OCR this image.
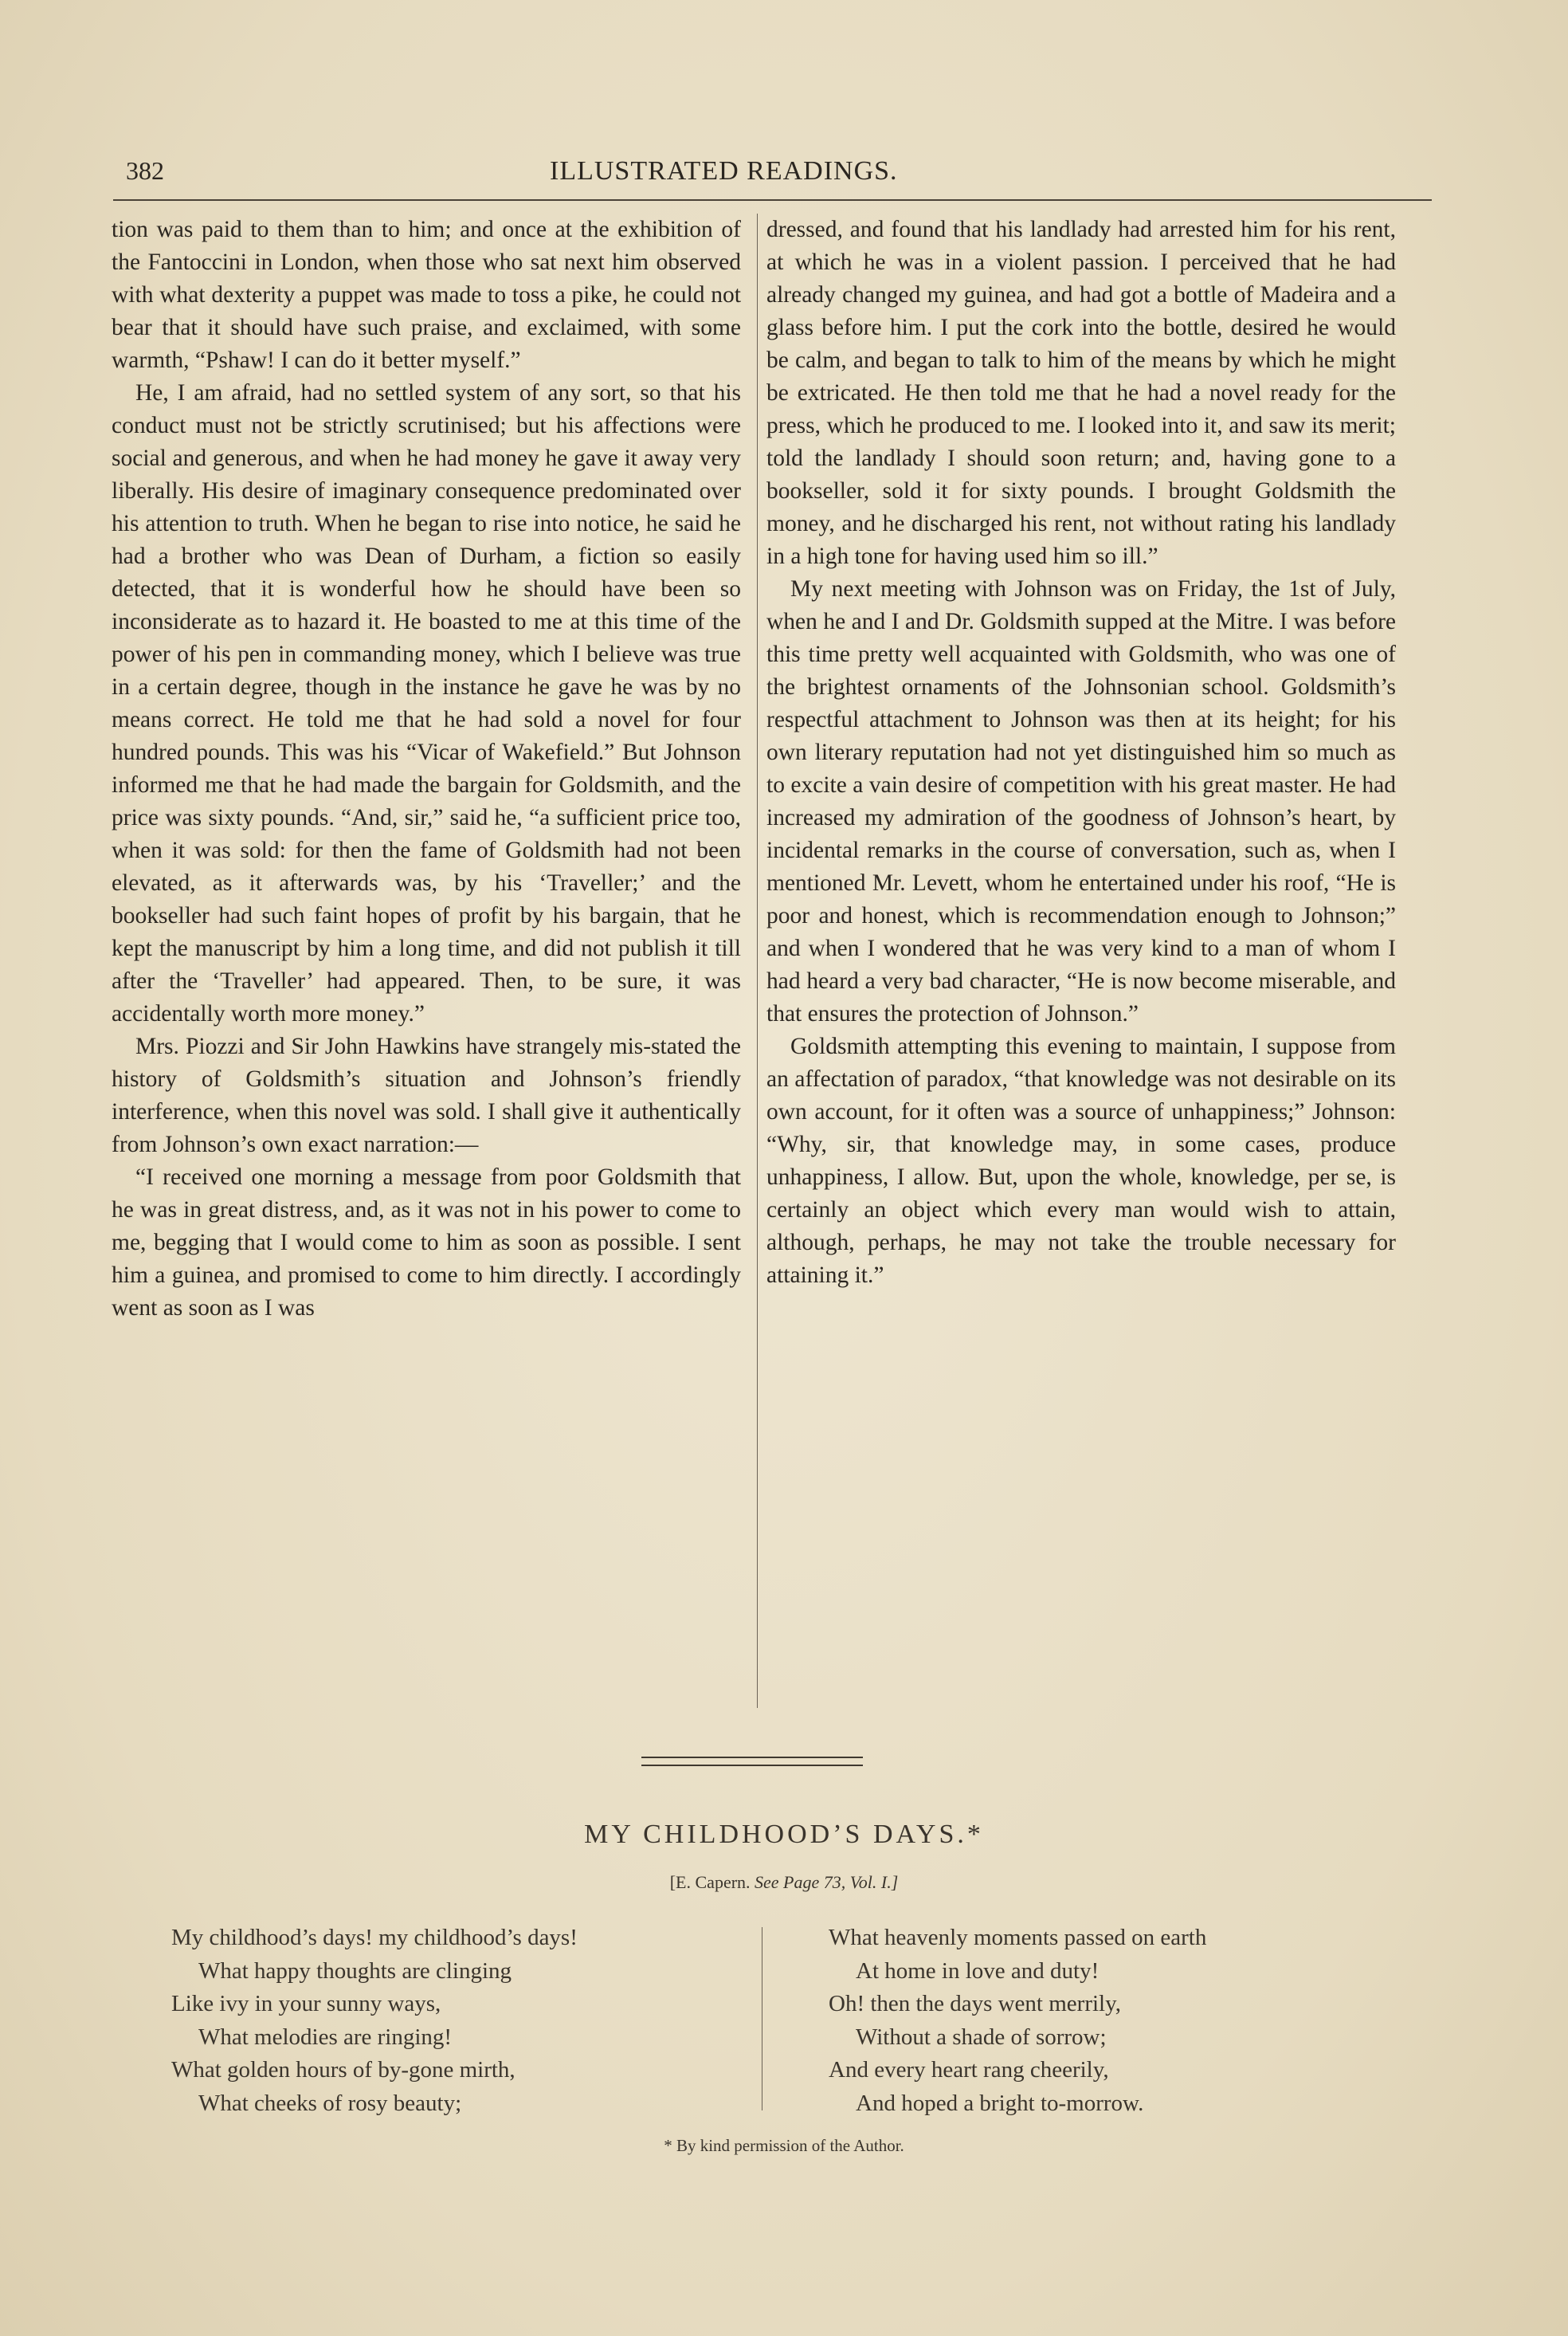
382	ILLUSTRATED READINGS.

tion was paid to them than to him; and once at the exhibition of the Fantoccini in London, when those who sat next him observed with what dexterity a puppet was made to toss a pike, he could not bear that it should have such praise, and exclaimed, with some warmth, “Pshaw! I can do it better myself.”

He, I am afraid, had no settled system of any sort, so that his conduct must not be strictly scrutinised; but his affections were social and generous, and when he had money he gave it away very liberally. His desire of imaginary consequence predominated over his attention to truth. When he began to rise into notice, he said he had a brother who was Dean of Durham, a fiction so easily detected, that it is wonderful how he should have been so inconsiderate as to hazard it. He boasted to me at this time of the power of his pen in commanding money, which I believe was true in a certain degree, though in the instance he gave he was by no means correct. He told me that he had sold a novel for four hundred pounds. This was his “Vicar of Wakefield.” But Johnson informed me that he had made the bargain for Goldsmith, and the price was sixty pounds. “And, sir,” said he, “a sufficient price too, when it was sold: for then the fame of Goldsmith had not been elevated, as it afterwards was, by his ‘Traveller;’ and the bookseller had such faint hopes of profit by his bargain, that he kept the manuscript by him a long time, and did not publish it till after the ‘Traveller’ had appeared. Then, to be sure, it was accidentally worth more money.”

Mrs. Piozzi and Sir John Hawkins have strangely mis-stated the history of Goldsmith’s situation and Johnson’s friendly interference, when this novel was sold. I shall give it authentically from Johnson’s own exact narration:—

“I received one morning a message from poor Goldsmith that he was in great distress, and, as it was not in his power to come to me, begging that I would come to him as soon as possible. I sent him a guinea, and promised to come to him directly. I accordingly went as soon as I was

dressed, and found that his landlady had arrested him for his rent, at which he was in a violent passion. I perceived that he had already changed my guinea, and had got a bottle of Madeira and a glass before him. I put the cork into the bottle, desired he would be calm, and began to talk to him of the means by which he might be extricated. He then told me that he had a novel ready for the press, which he produced to me. I looked into it, and saw its merit; told the landlady I should soon return; and, having gone to a bookseller, sold it for sixty pounds. I brought Goldsmith the money, and he discharged his rent, not without rating his landlady in a high tone for having used him so ill.”

My next meeting with Johnson was on Friday, the 1st of July, when he and I and Dr. Goldsmith supped at the Mitre. I was before this time pretty well acquainted with Goldsmith, who was one of the brightest ornaments of the Johnsonian school. Goldsmith’s respectful attachment to Johnson was then at its height; for his own literary reputation had not yet distinguished him so much as to excite a vain desire of competition with his great master. He had increased my admiration of the goodness of Johnson’s heart, by incidental remarks in the course of conversation, such as, when I mentioned Mr. Levett, whom he entertained under his roof, “He is poor and honest, which is recommendation enough to Johnson;” and when I wondered that he was very kind to a man of whom I had heard a very bad character, “He is now become miserable, and that ensures the protection of Johnson.”

Goldsmith attempting this evening to maintain, I suppose from an affectation of paradox, “that knowledge was not desirable on its own account, for it often was a source of unhappiness;” Johnson: “Why, sir, that knowledge may, in some cases, produce unhappiness, I allow. But, upon the whole, knowledge, per se, is certainly an object which every man would wish to attain, although, perhaps, he may not take the trouble necessary for attaining it.”

MY CHILDHOOD’S DAYS.*
[E. Capern. See Page 73, Vol. I.]
My childhood’s days! my childhood’s days!
What happy thoughts are clinging
Like ivy in your sunny ways,
What melodies are ringing!
What golden hours of by-gone mirth,
What cheeks of rosy beauty;
What heavenly moments passed on earth
At home in love and duty!
Oh! then the days went merrily,
Without a shade of sorrow;
And every heart rang cheerily,
And hoped a bright to-morrow.
* By kind permission of the Author.
